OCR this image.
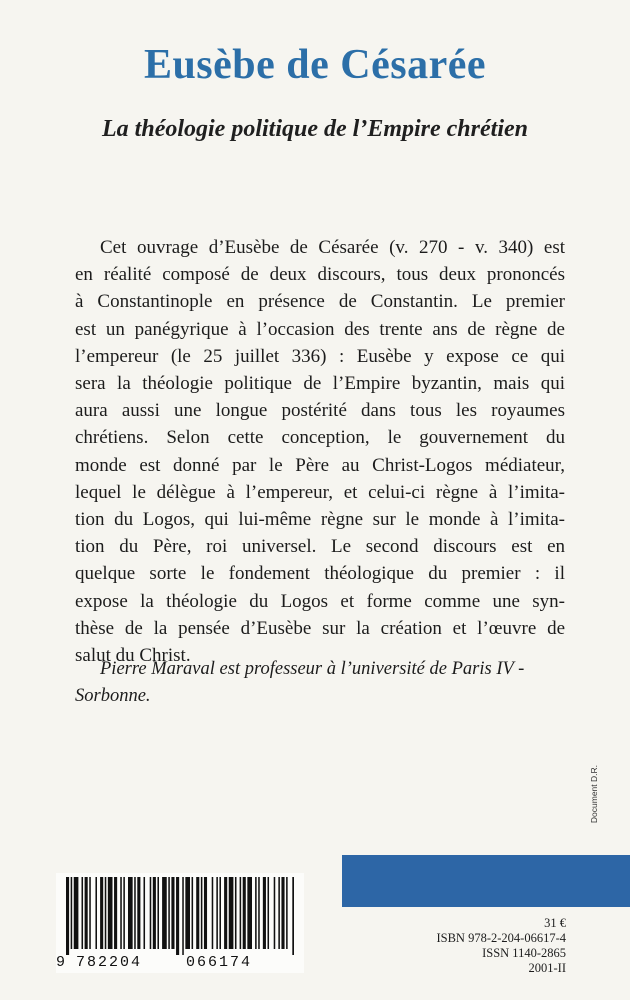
Eusèbe de Césarée
La théologie politique de l’Empire chrétien
Cet ouvrage d’Eusèbe de Césarée (v. 270 - v. 340) est
en réalité composé de deux discours, tous deux prononcés
à Constantinople en présence de Constantin. Le premier
est un panégyrique à l’occasion des trente ans de règne de
l’empereur (le 25 juillet 336) : Eusèbe y expose ce qui
sera la théologie politique de l’Empire byzantin, mais qui
aura aussi une longue postérité dans tous les royaumes
chrétiens. Selon cette conception, le gouvernement du
monde est donné par le Père au Christ-Logos médiateur,
lequel le délègue à l’empereur, et celui-ci règne à l’imita-
tion du Logos, qui lui-même règne sur le monde à l’imita-
tion du Père, roi universel. Le second discours est en
quelque sorte le fondement théologique du premier : il
expose la théologie du Logos et forme comme une syn-
thèse de la pensée d’Eusèbe sur la création et l’œuvre de
salut du Christ.
Pierre Maraval est professeur à l’université de Paris IV -
Sorbonne.
Document D.R.
9 782204	066174
31 €
ISBN 978-2-204-06617-4
ISSN 1140-2865
2001-II
